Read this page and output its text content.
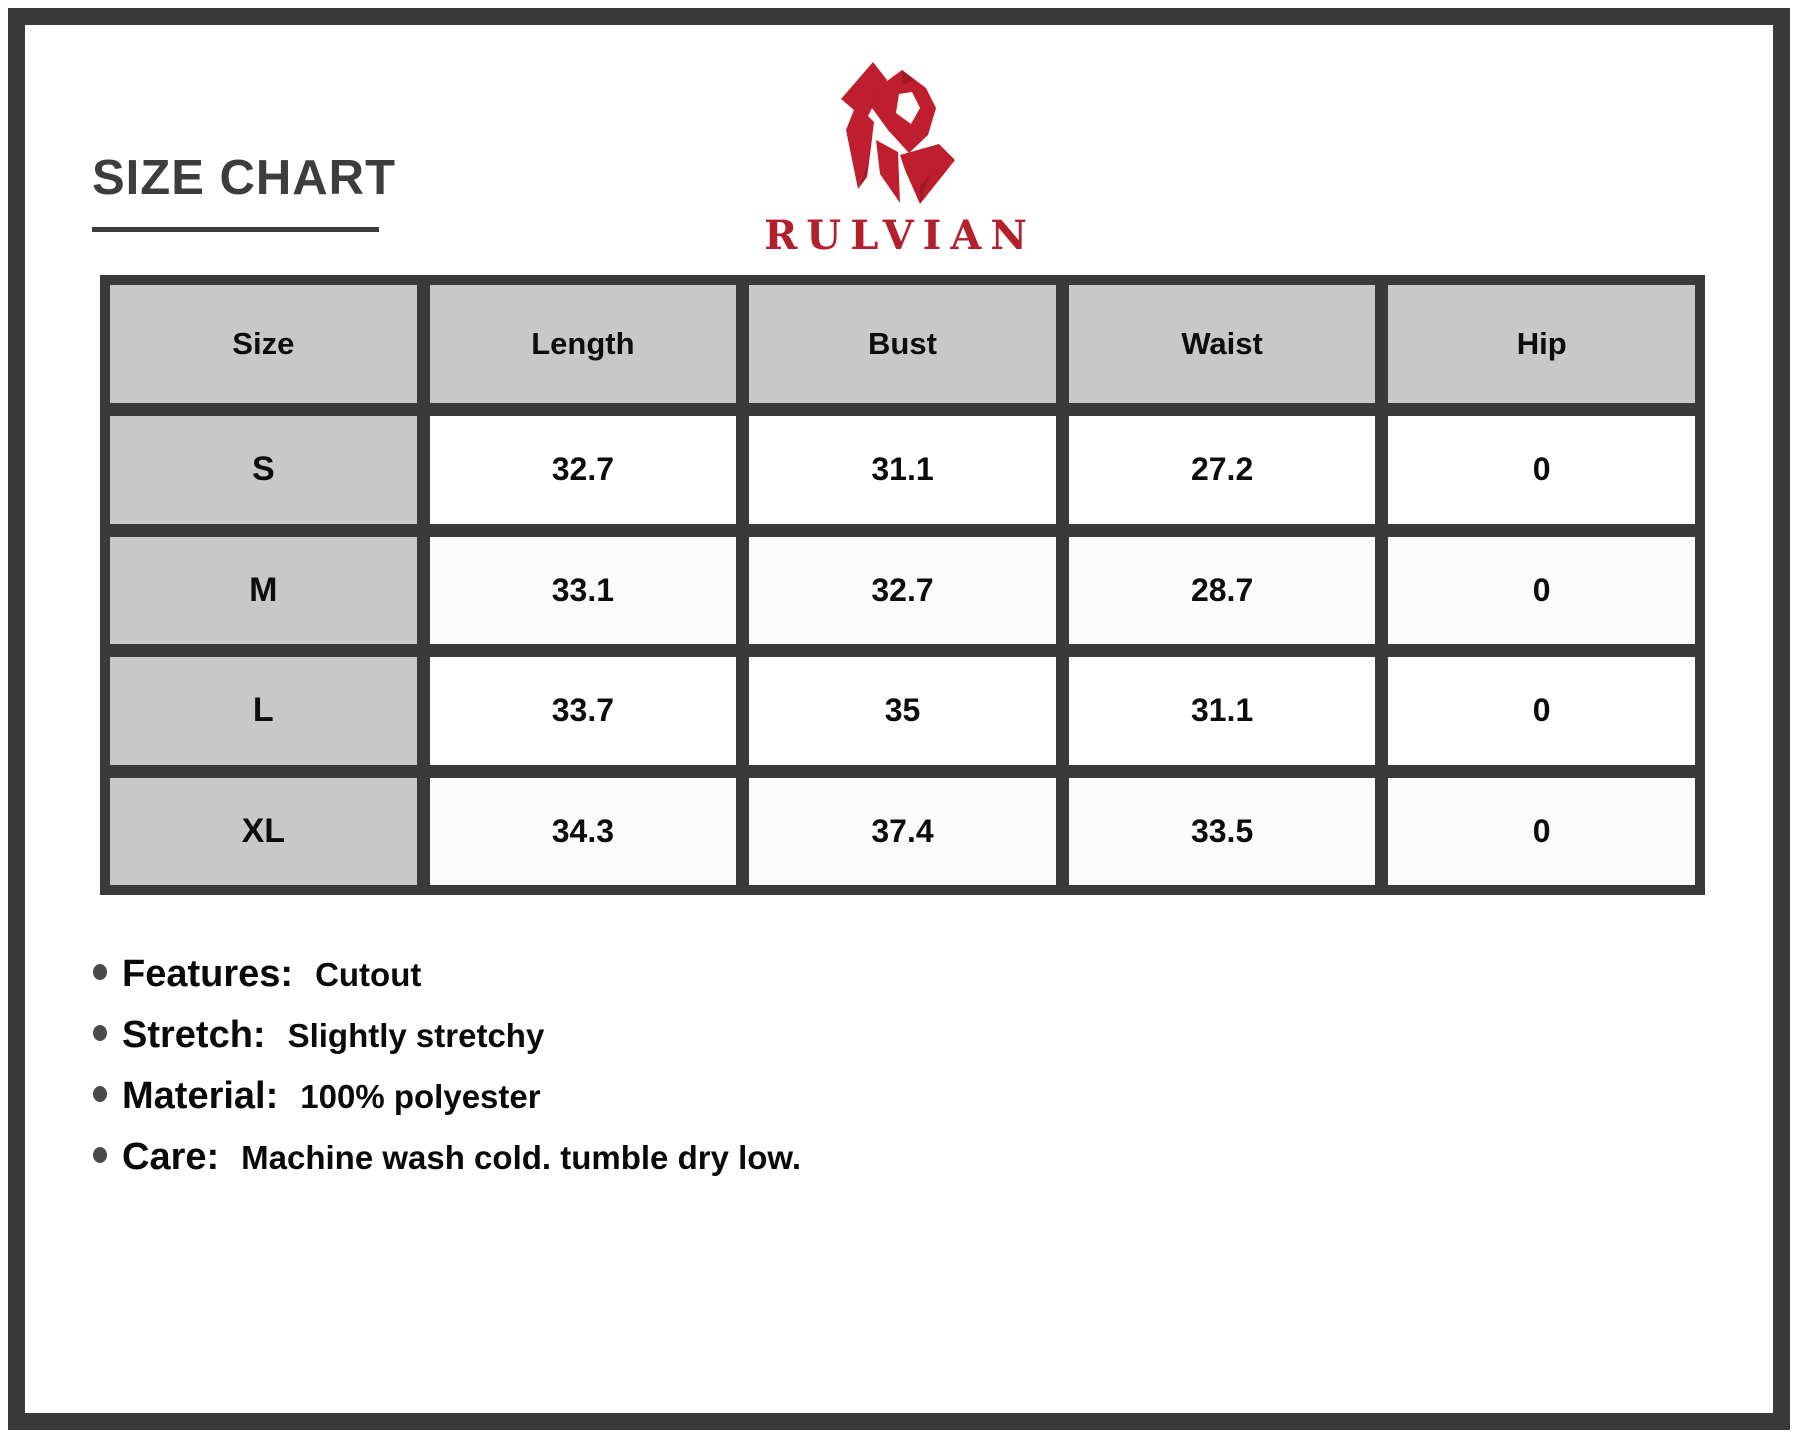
SIZE CHART
RULVIAN
Size	Length	Bust	Waist	Hip
S	32.7	31.1	27.2	0
M	33.1	32.7	28.7	0
L	33.7	35	31.1	0
XL	34.3	37.4	33.5	0
Features: Cutout
Stretch: Slightly stretchy
Material: 100% polyester
Care: Machine wash cold. tumble dry low.
